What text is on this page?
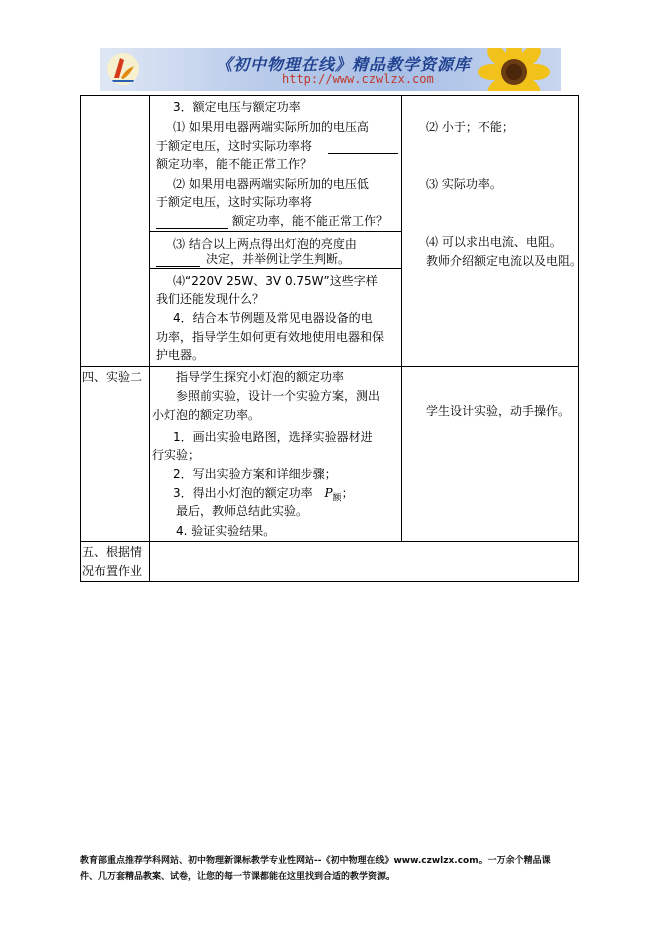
《初中物理在线》精品教学资源库
http://www.czwlzx.com
3．额定电压与额定功率
⑴ 如果用电器两端实际所加的电压高
于额定电压，这时实际功率将
额定功率，能不能正常工作？
⑵ 如果用电器两端实际所加的电压低
于额定电压，这时实际功率将
额定功率，能不能正常工作？
⑶ 结合以上两点得出灯泡的亮度由
决定，并举例让学生判断。
⑷“220V 25W、3V 0.75W”这些字样
我们还能发现什么？
4．结合本节例题及常见电器设备的电
功率，指导学生如何更有效地使用电器和保
护电器。
⑵ 小于；不能；
⑶ 实际功率。
⑷ 可以求出电流、电阻。
教师介绍额定电流以及电阻。
四、实验二	指导学生探究小灯泡的额定功率
参照前实验，设计一个实验方案，测出
小灯泡的额定功率。
1．画出实验电路图，选择实验器材进
行实验；
2．写出实验方案和详细步骤；
3．得出小灯泡的额定功率 $P_额$；
最后，教师总结此实验。
4. 验证实验结果。
学生设计实验，动手操作。
五、根据情
况布置作业
教育部重点推荐学科网站、初中物理新课标教学专业性网站--《初中物理在线》www.czwlzx.com。一万余个精品课
件、几万套精品教案、试卷，让您的每一节课都能在这里找到合适的教学资源。
